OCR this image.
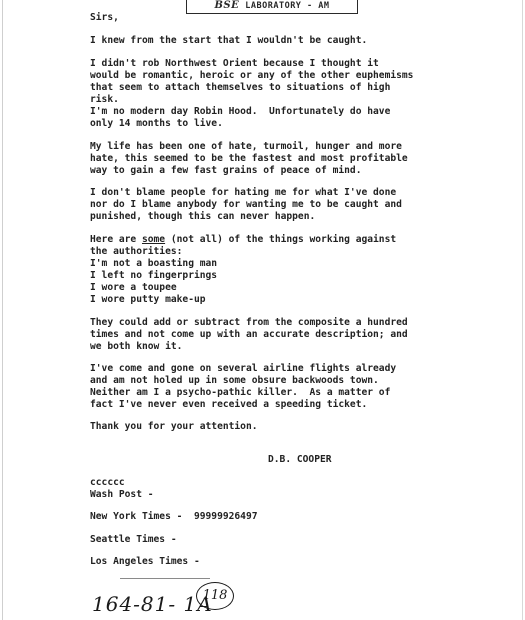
BSE LABORATORY - AM
Sirs,
I knew from the start that I wouldn't be caught.
I didn't rob Northwest Orient because I thought it
would be romantic, heroic or any of the other euphemisms
that seem to attach themselves to situations of high
risk.
I'm no modern day Robin Hood.  Unfortunately do have
only 14 months to live.
My life has been one of hate, turmoil, hunger and more
hate, this seemed to be the fastest and most profitable
way to gain a few fast grains of peace of mind.
I don't blame people for hating me for what I've done
nor do I blame anybody for wanting me to be caught and
punished, though this can never happen.
Here are some (not all) of the things working against
the authorities:
I'm not a boasting man
I left no fingerprings
I wore a toupee
I wore putty make-up
They could add or subtract from the composite a hundred
times and not come up with an accurate description; and
we both know it.
I've come and gone on several airline flights already
and am not holed up in some obsure backwoods town.
Neither am I a psycho-pathic killer.  As a matter of
fact I've never even received a speeding ticket.
Thank you for your attention.
D.B. COOPER
cccccc
Wash Post -
New York Times -  99999926497
Seattle Times -
Los Angeles Times -
164-81- 1A
118
